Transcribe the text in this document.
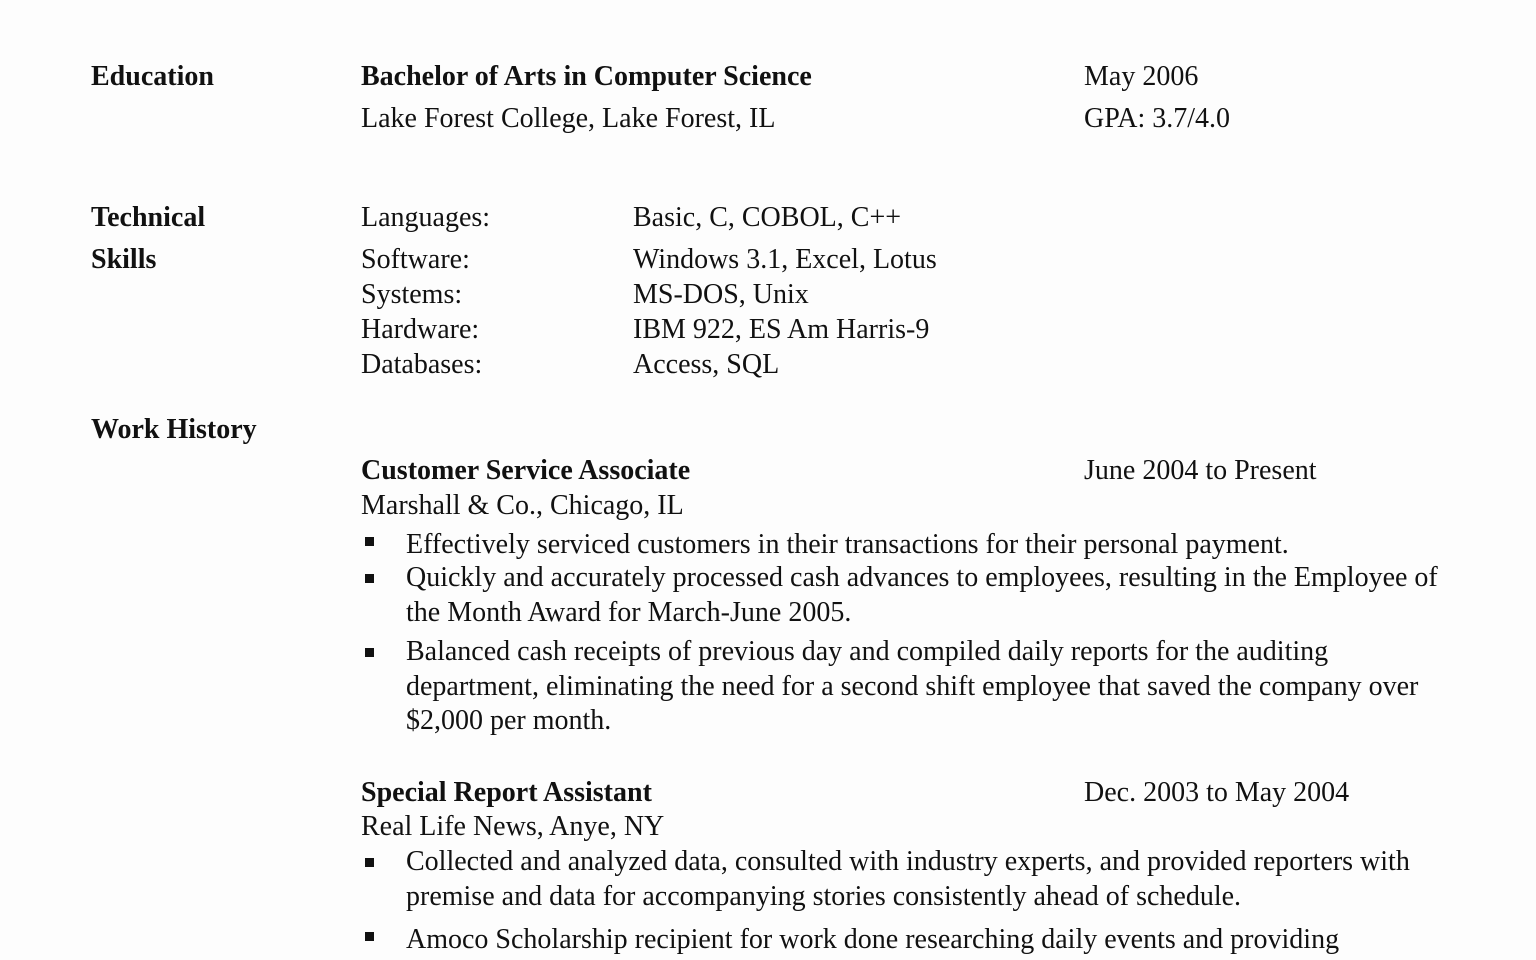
Education	Bachelor of Arts in Computer Science	May 2006
Lake Forest College, Lake Forest, IL	GPA: 3.7/4.0
Technical
Skills
Languages:	Basic, C, COBOL, C++
Software:	Windows 3.1, Excel, Lotus
Systems:	MS-DOS, Unix
Hardware:	IBM 922, ES Am Harris-9
Databases:	Access, SQL
Work History
Customer Service Associate	June 2004 to Present
Marshall & Co., Chicago, IL
Effectively serviced customers in their transactions for their personal payment.
Quickly and accurately processed cash advances to employees, resulting in the Employee of the Month Award for March-June 2005.
Balanced cash receipts of previous day and compiled daily reports for the auditing department, eliminating the need for a second shift employee that saved the company over $2,000 per month.
Special Report Assistant	Dec. 2003 to May 2004
Real Life News, Anye, NY
Collected and analyzed data, consulted with industry experts, and provided reporters with premise and data for accompanying stories consistently ahead of schedule.
Amoco Scholarship recipient for work done researching daily events and providing
